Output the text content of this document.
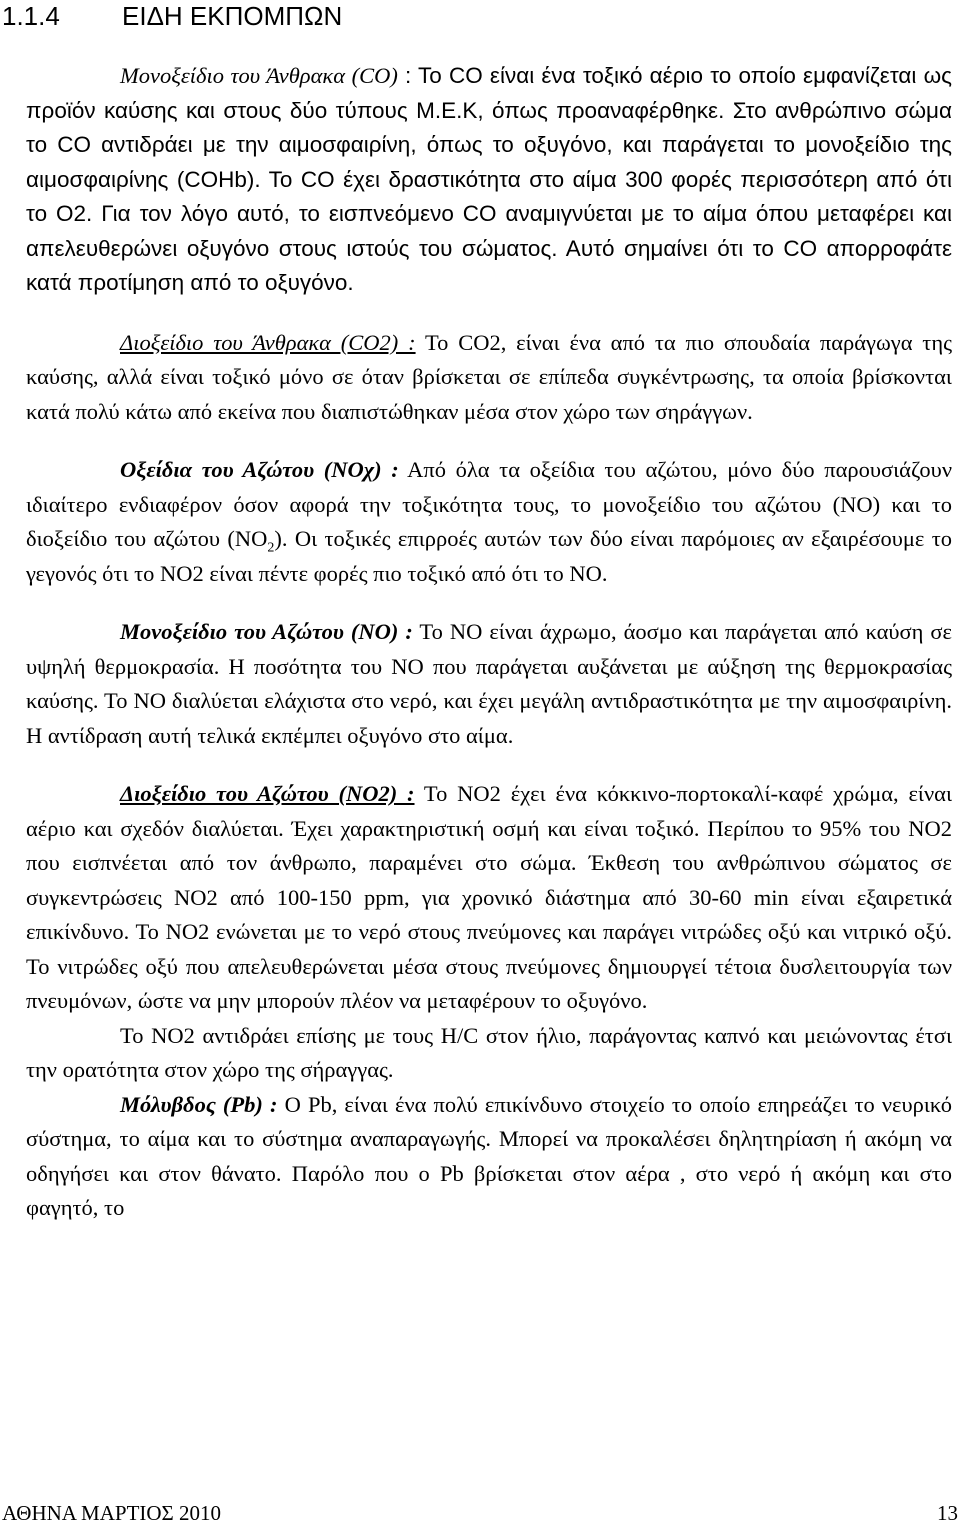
1.1.4 ΕΙΔΗ ΕΚΠΟΜΠΩΝ

Μονοξείδιο του Άνθρακα (CO) : Το CO είναι ένα τοξικό αέριο το οποίο εμφανίζεται ως προϊόν καύσης και στους δύο τύπους Μ.Ε.Κ, όπως προαναφέρθηκε. Στο ανθρώπινο σώμα το CO αντιδράει με την αιμοσφαιρίνη, όπως το οξυγόνο, και παράγεται το μονοξείδιο της αιμοσφαιρίνης (COHb). Το CO έχει δραστικότητα στο αίμα 300 φορές περισσότερη από ότι το O2. Για τον λόγο αυτό, το εισπνεόμενο CO αναμιγνύεται με το αίμα όπου μεταφέρει και απελευθερώνει οξυγόνο στους ιστούς του σώματος. Αυτό σημαίνει ότι το CO απορροφάτε κατά προτίμηση από το οξυγόνο.

Διοξείδιο του Άνθρακα (CO2) : Το CO2, είναι ένα από τα πιο σπουδαία παράγωγα της καύσης, αλλά είναι τοξικό μόνο σε όταν βρίσκεται σε επίπεδα συγκέντρωσης, τα οποία βρίσκονται κατά πολύ κάτω από εκείνα που διαπιστώθηκαν μέσα στον χώρο των σηράγγων.

Οξείδια του Αζώτου (NOχ) : Από όλα τα οξείδια του αζώτου, μόνο δύο παρουσιάζουν ιδιαίτερο ενδιαφέρον όσον αφορά την τοξικότητα τους, το μονοξείδιο του αζώτου (NO) και το διοξείδιο του αζώτου $(NO_2)$. Οι τοξικές επιρροές αυτών των δύο είναι παρόμοιες αν εξαιρέσουμε το γεγονός ότι το NO2 είναι πέντε φορές πιο τοξικό από ότι το NO.

Μονοξείδιο του Αζώτου (NO) : Το NO είναι άχρωμο, άοσμο και παράγεται από καύση σε υψηλή θερμοκρασία. Η ποσότητα του NO που παράγεται αυξάνεται με αύξηση της θερμοκρασίας καύσης. Το NO διαλύεται ελάχιστα στο νερό, και έχει μεγάλη αντιδραστικότητα με την αιμοσφαιρίνη. Η αντίδραση αυτή τελικά εκπέμπει οξυγόνο στο αίμα.

Διοξείδιο του Αζώτου (NO2) : Το NO2 έχει ένα κόκκινο-πορτοκαλί-καφέ χρώμα, είναι αέριο και σχεδόν διαλύεται. Έχει χαρακτηριστική οσμή και είναι τοξικό. Περίπου το 95% του NO2 που εισπνέεται από τον άνθρωπο, παραμένει στο σώμα. Έκθεση του ανθρώπινου σώματος σε συγκεντρώσεις NO2 από 100-150 ppm, για χρονικό διάστημα από 30-60 min είναι εξαιρετικά επικίνδυνο. Το NO2 ενώνεται με το νερό στους πνεύμονες και παράγει νιτρώδες οξύ και νιτρικό οξύ. Το νιτρώδες οξύ που απελευθερώνεται μέσα στους πνεύμονες δημιουργεί τέτοια δυσλειτουργία των πνευμόνων, ώστε να μην μπορούν πλέον να μεταφέρουν το οξυγόνο.

Το NO2 αντιδράει επίσης με τους H/C στον ήλιο, παράγοντας καπνό και μειώνοντας έτσι την ορατότητα στον χώρο της σήραγγας.

Μόλυβδος (Pb) : O Pb, είναι ένα πολύ επικίνδυνο στοιχείο το οποίο επηρεάζει το νευρικό σύστημα, το αίμα και το σύστημα αναπαραγωγής. Μπορεί να προκαλέσει δηλητηρίαση ή ακόμη να οδηγήσει και στον θάνατο. Παρόλο που ο Pb βρίσκεται στον αέρα , στο νερό ή ακόμη και στο φαγητό, το

ΑΘΗΝΑ ΜΑΡΤΙΟΣ 2010	13
